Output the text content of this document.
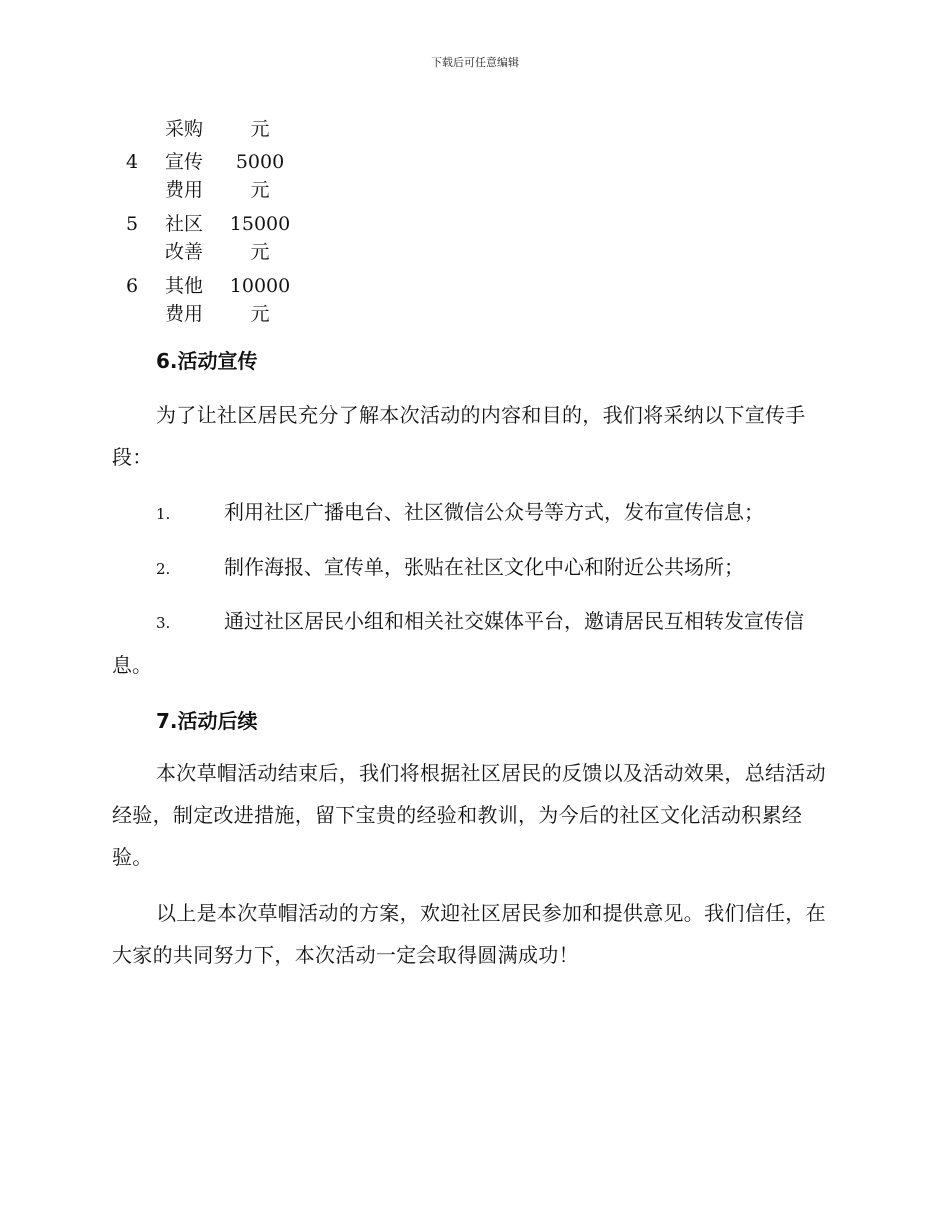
下载后可任意编辑
采购	元
4 宣传	5000
费用	元
5 社区	15000
改善	元
6 其他	10000
费用	元
6.活动宣传
为了让社区居民充分了解本次活动的内容和目的，我们将采纳以下宣传手段：
1.	利用社区广播电台、社区微信公众号等方式，发布宣传信息；
2.	制作海报、宣传单，张贴在社区文化中心和附近公共场所；
3.	通过社区居民小组和相关社交媒体平台，邀请居民互相转发宣传信息。
7.活动后续
本次草帽活动结束后，我们将根据社区居民的反馈以及活动效果，总结活动经验，制定改进措施，留下宝贵的经验和教训，为今后的社区文化活动积累经验。
以上是本次草帽活动的方案，欢迎社区居民参加和提供意见。我们信任，在大家的共同努力下，本次活动一定会取得圆满成功！
